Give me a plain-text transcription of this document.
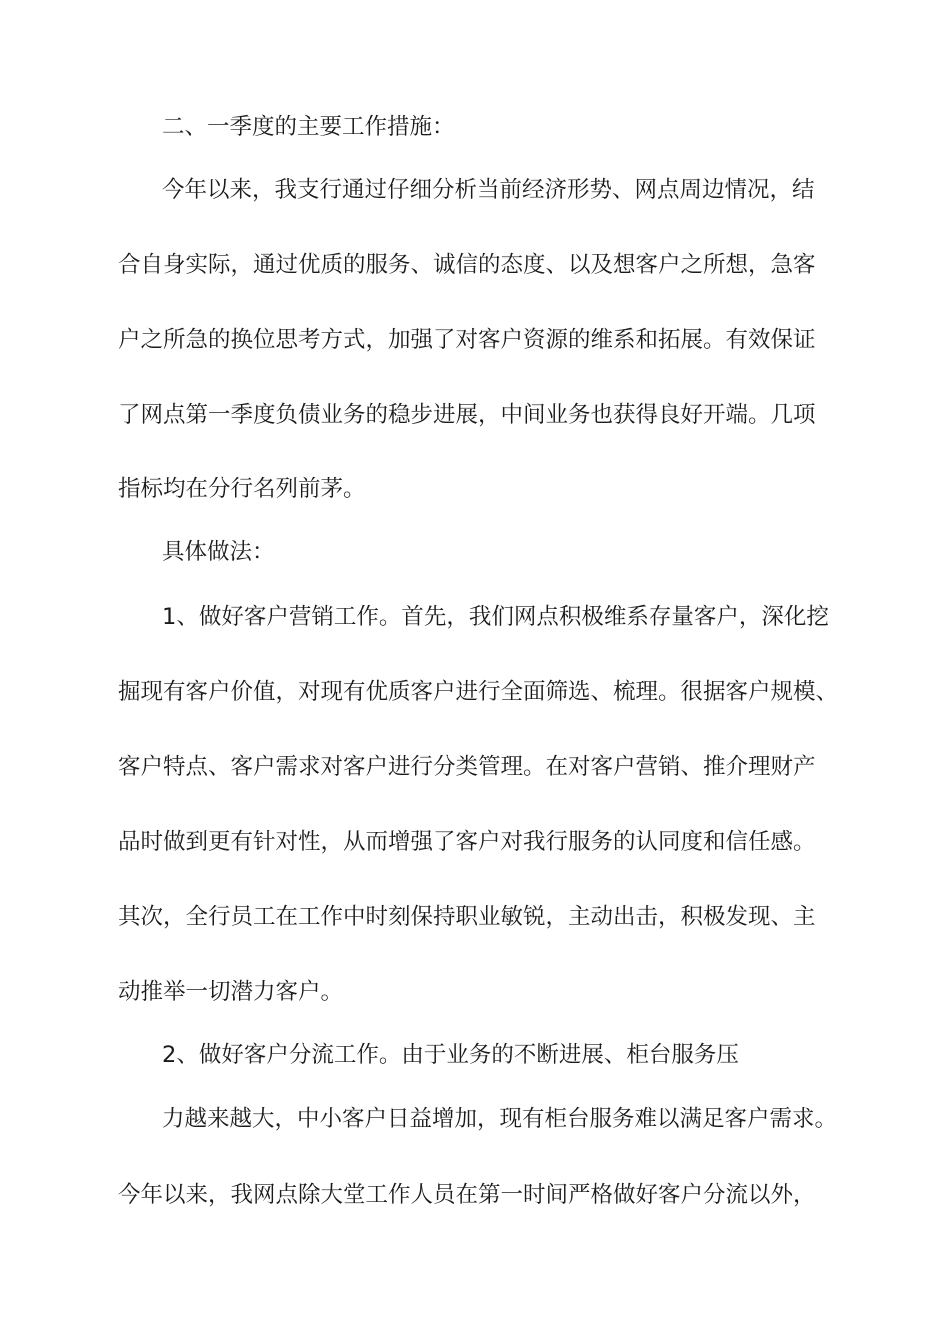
二、一季度的主要工作措施：
今年以来，我支行通过仔细分析当前经济形势、网点周边情况，结
合自身实际，通过优质的服务、诚信的态度、以及想客户之所想，急客
户之所急的换位思考方式，加强了对客户资源的维系和拓展。有效保证
了网点第一季度负债业务的稳步进展，中间业务也获得良好开端。几项
指标均在分行名列前茅。
具体做法：
1、做好客户营销工作。首先，我们网点积极维系存量客户，深化挖
掘现有客户价值，对现有优质客户进行全面筛选、梳理。很据客户规模、
客户特点、客户需求对客户进行分类管理。在对客户营销、推介理财产
品时做到更有针对性，从而增强了客户对我行服务的认同度和信任感。
其次，全行员工在工作中时刻保持职业敏锐，主动出击，积极发现、主
动推举一切潜力客户。
2、做好客户分流工作。由于业务的不断进展、柜台服务压
力越来越大，中小客户日益增加，现有柜台服务难以满足客户需求。
今年以来，我网点除大堂工作人员在第一时间严格做好客户分流以外，
